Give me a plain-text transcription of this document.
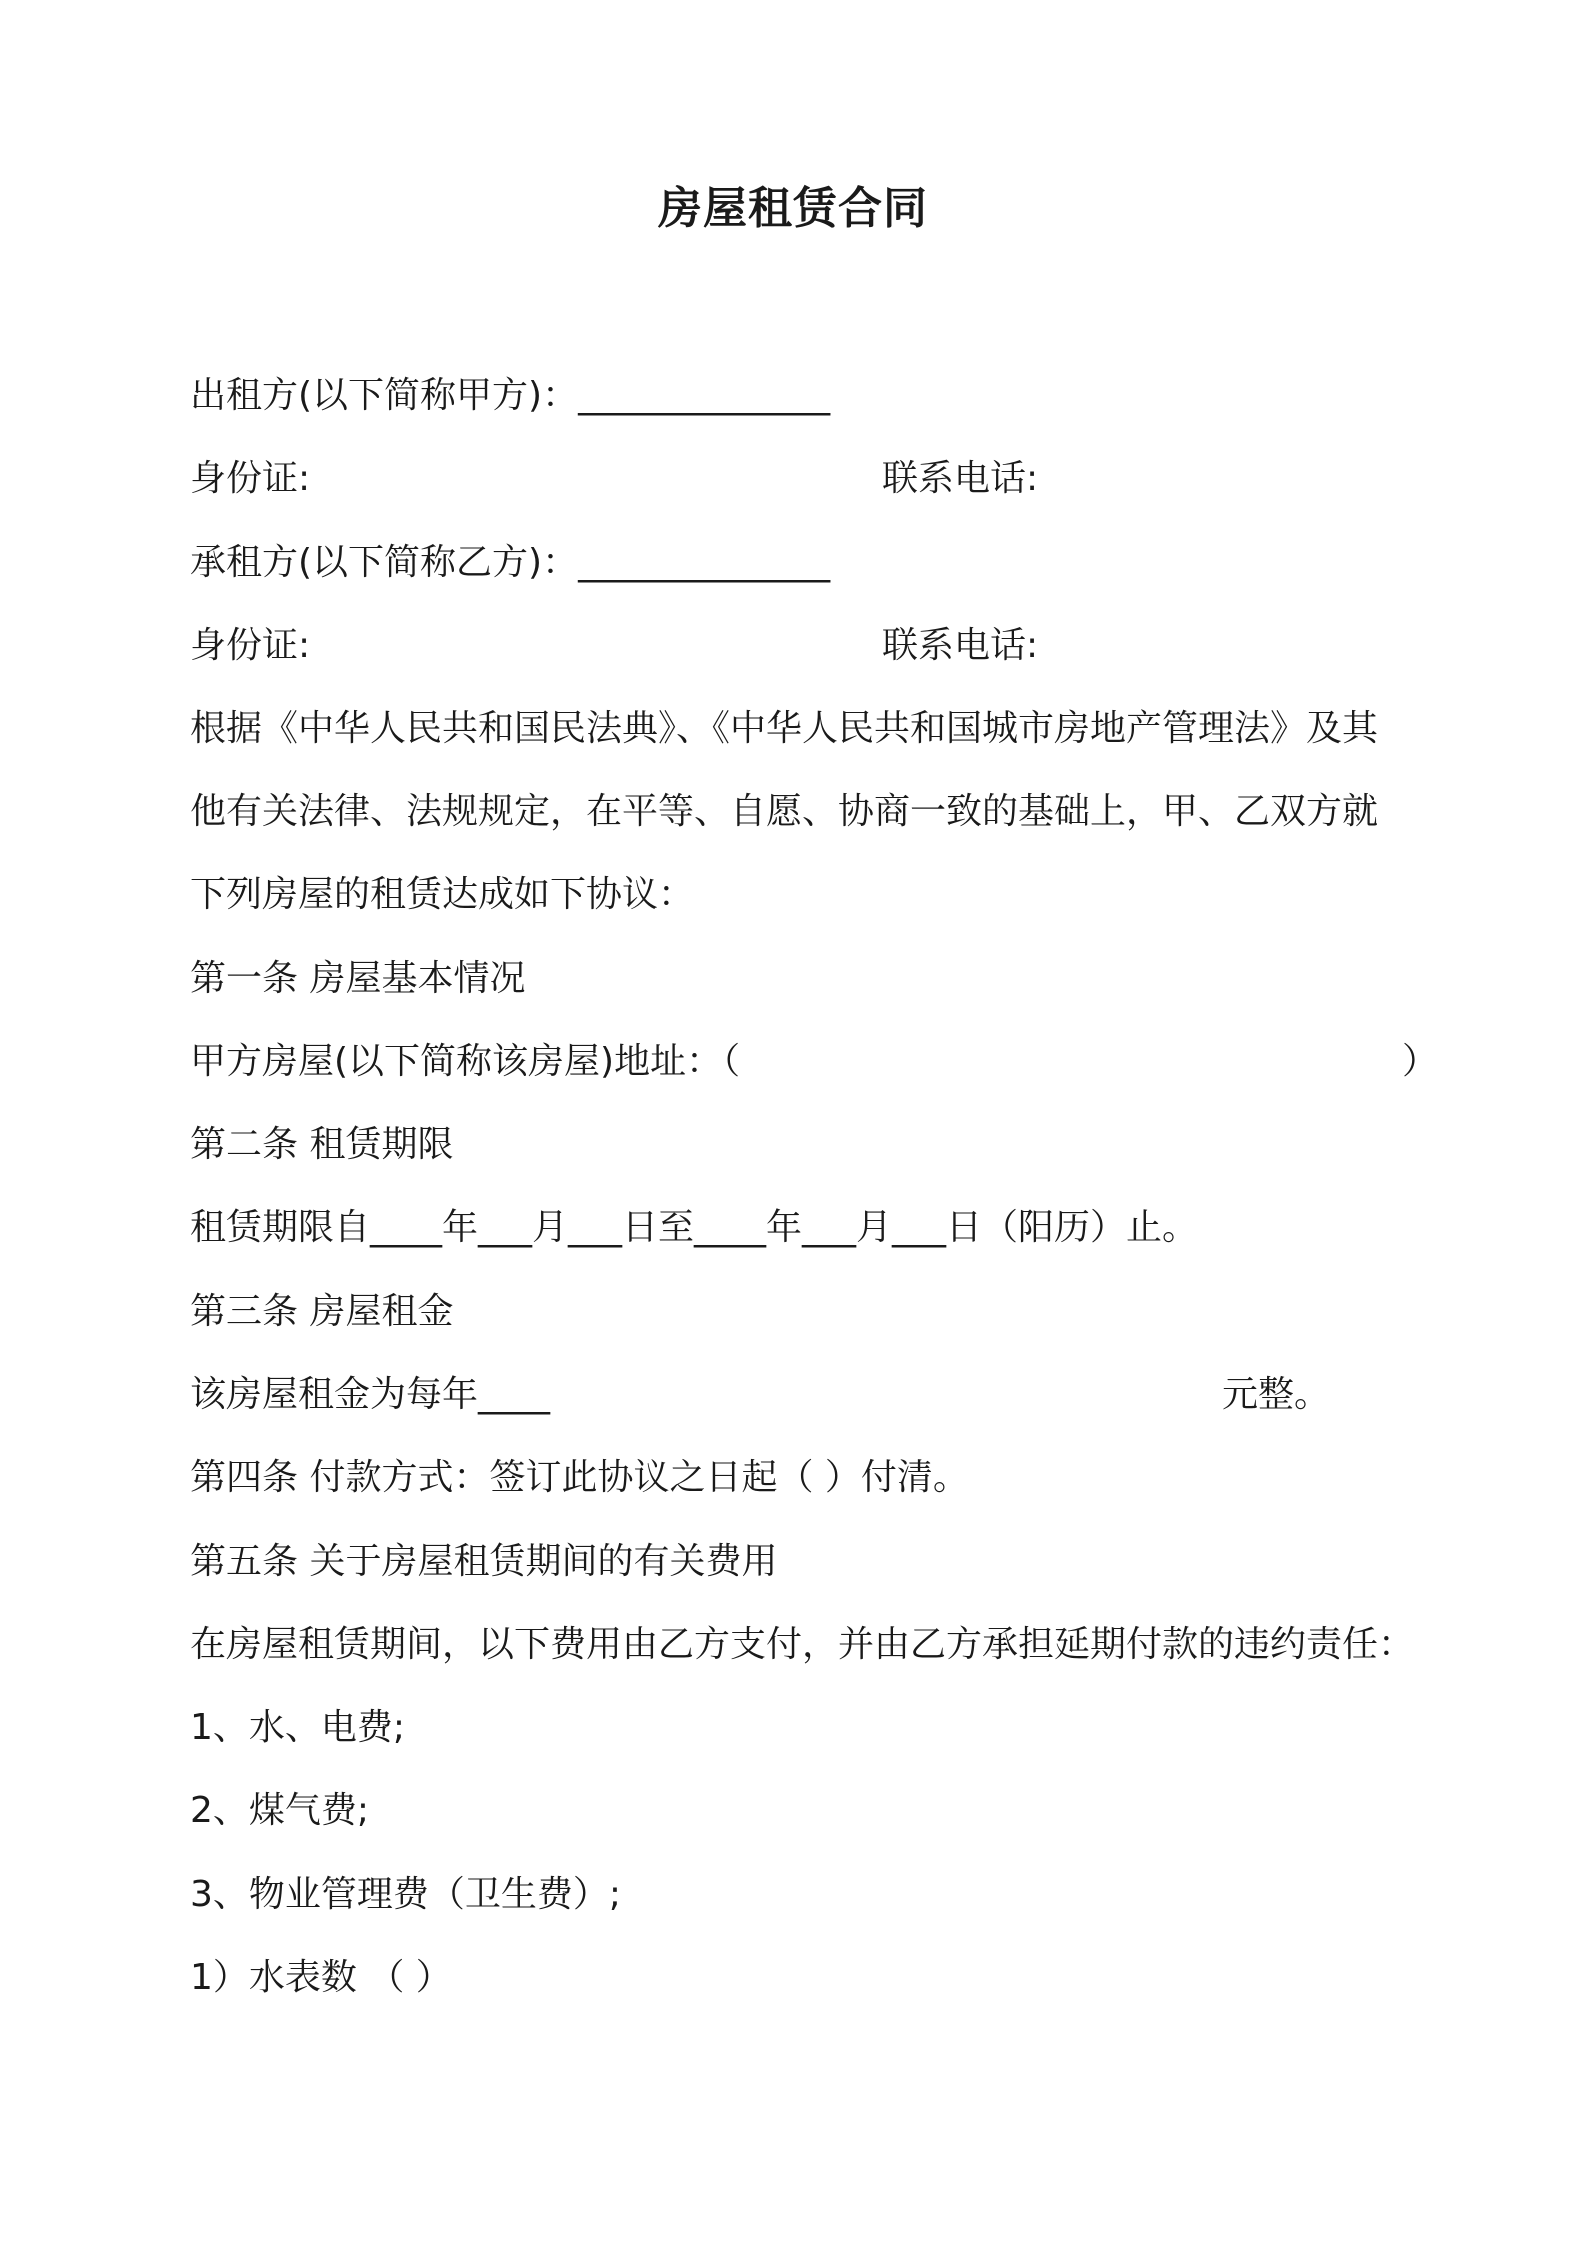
房屋租赁合同
出租方(以下简称甲方)：______________
身份证:	联系电话:
承租方(以下简称乙方)：______________
身份证:	联系电话:
根据《中华人民共和国民法典》、《中华人民共和国城市房地产管理法》及其
他有关法律、法规规定，在平等、自愿、协商一致的基础上，甲、乙双方就
下列房屋的租赁达成如下协议：
第一条 房屋基本情况
甲方房屋(以下简称该房屋)地址：（	）
第二条 租赁期限
租赁期限自____年___月___日至____年___月___日（阳历）止。
第三条 房屋租金
该房屋租金为每年____	元整。
第四条 付款方式：签订此协议之日起（ ）付清。
第五条 关于房屋租赁期间的有关费用
在房屋租赁期间，以下费用由乙方支付，并由乙方承担延期付款的违约责任：
1、水、电费;
2、煤气费;
3、物业管理费（卫生费）;
1）水表数 （ ）
